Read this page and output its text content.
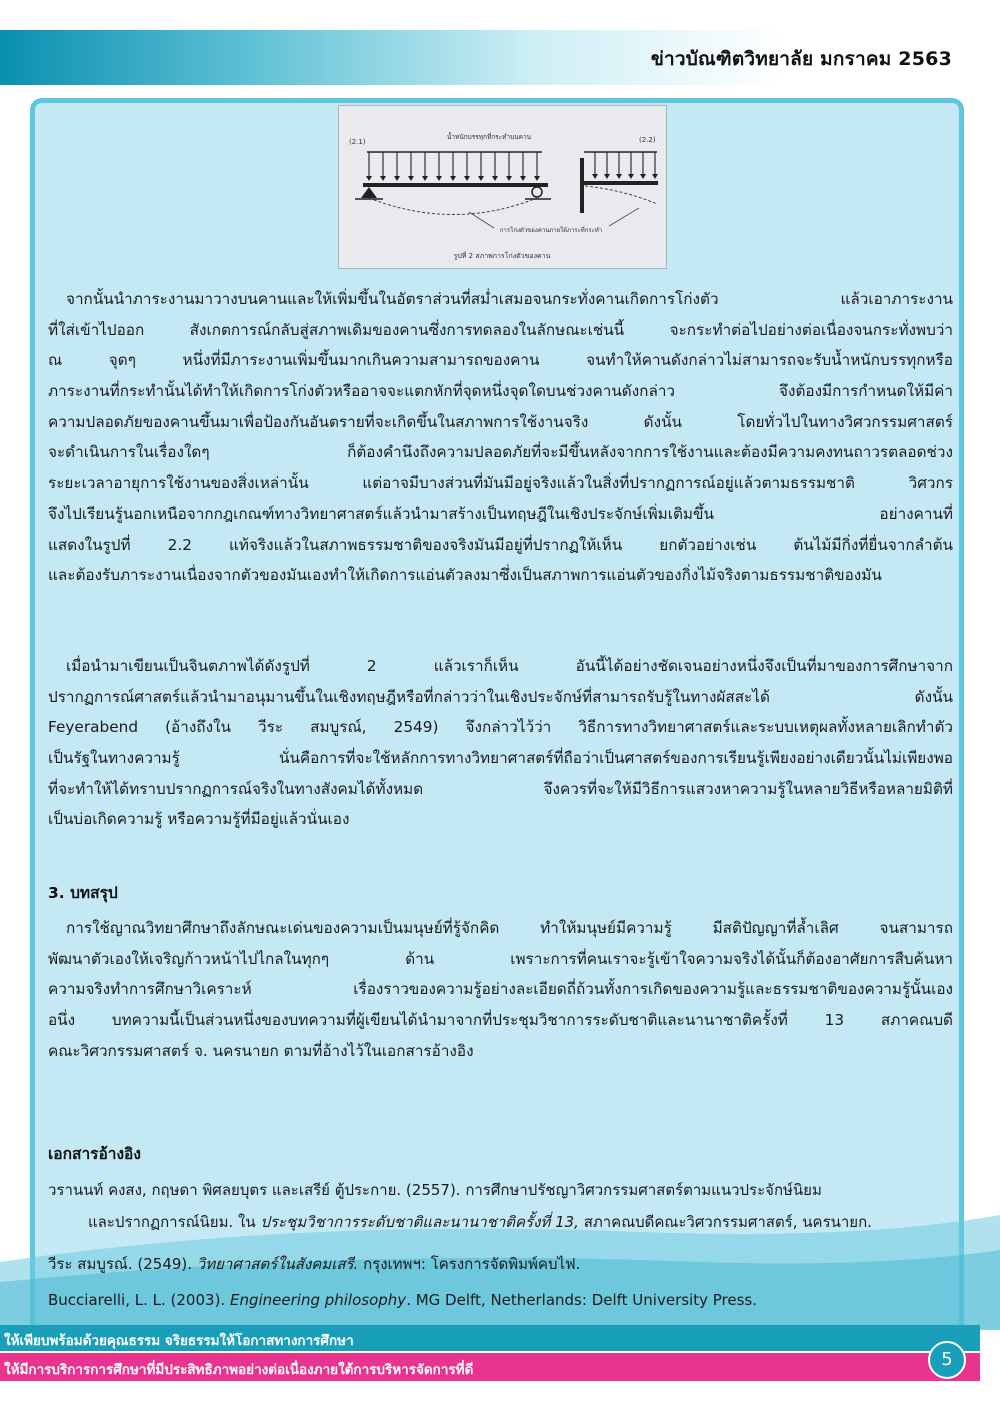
ข่าวบัณฑิตวิทยาลัย มกราคม 2563
(2.1)	(2.2)
น้ำหนักบรรทุกที่กระทำบนคาน
การโก่งตัวของคานภายใต้ภาระที่กระทำ
รูปที่ 2 สภาพการโก่งตัวของคาน
จากนั้นนำภาระงานมาวางบนคานและให้เพิ่มขึ้นในอัตราส่วนที่สม่ำเสมอจนกระทั่งคานเกิดการโก่งตัว แล้วเอาภาระงาน
ที่ใส่เข้าไปออก สังเกตการณ์กลับสู่สภาพเดิมของคานซึ่งการทดลองในลักษณะเช่นนี้ จะกระทำต่อไปอย่างต่อเนื่องจนกระทั่งพบว่า
ณ จุดๆ หนึ่งที่มีภาระงานเพิ่มขึ้นมากเกินความสามารถของคาน จนทำให้คานดังกล่าวไม่สามารถจะรับน้ำหนักบรรทุกหรือ
ภาระงานที่กระทำนั้นได้ทำให้เกิดการโก่งตัวหรืออาจจะแตกหักที่จุดหนึ่งจุดใดบนช่วงคานดังกล่าว จึงต้องมีการกำหนดให้มีค่า
ความปลอดภัยของคานขึ้นมาเพื่อป้องกันอันตรายที่จะเกิดขึ้นในสภาพการใช้งานจริง ดังนั้น โดยทั่วไปในทางวิศวกรรมศาสตร์
จะดำเนินการในเรื่องใดๆ ก็ต้องคำนึงถึงความปลอดภัยที่จะมีขึ้นหลังจากการใช้งานและต้องมีความคงทนถาวรตลอดช่วง
ระยะเวลาอายุการใช้งานของสิ่งเหล่านั้น แต่อาจมีบางส่วนที่มันมีอยู่จริงแล้วในสิ่งที่ปรากฏการณ์อยู่แล้วตามธรรมชาติ วิศวกร
จึงไปเรียนรู้นอกเหนือจากกฎเกณฑ์ทางวิทยาศาสตร์แล้วนำมาสร้างเป็นทฤษฎีในเชิงประจักษ์เพิ่มเติมขึ้น อย่างคานที่
แสดงในรูปที่ 2.2 แท้จริงแล้วในสภาพธรรมชาติของจริงมันมีอยู่ที่ปรากฏให้เห็น ยกตัวอย่างเช่น ต้นไม้มีกิ่งที่ยื่นจากลำต้น
และต้องรับภาระงานเนื่องจากตัวของมันเองทำให้เกิดการแอ่นตัวลงมาซึ่งเป็นสภาพการแอ่นตัวของกิ่งไม้จริงตามธรรมชาติของมัน
เมื่อนำมาเขียนเป็นจินตภาพได้ดังรูปที่ 2 แล้วเราก็เห็น อันนี้ได้อย่างชัดเจนอย่างหนึ่งจึงเป็นที่มาของการศึกษาจาก
ปรากฏการณ์ศาสตร์แล้วนำมาอนุมานขึ้นในเชิงทฤษฎีหรือที่กล่าวว่าในเชิงประจักษ์ที่สามารถรับรู้ในทางผัสสะได้ ดังนั้น
Feyerabend (อ้างถึงใน วีระ สมบูรณ์, 2549) จึงกล่าวไว้ว่า วิธีการทางวิทยาศาสตร์และระบบเหตุผลทั้งหลายเลิกทำตัว
เป็นรัฐในทางความรู้ นั่นคือการที่จะใช้หลักการทางวิทยาศาสตร์ที่ถือว่าเป็นศาสตร์ของการเรียนรู้เพียงอย่างเดียวนั้นไม่เพียงพอ
ที่จะทำให้ได้ทราบปรากฏการณ์จริงในทางสังคมได้ทั้งหมด จึงควรที่จะให้มีวิธีการแสวงหาความรู้ในหลายวิธีหรือหลายมิติที่
เป็นบ่อเกิดความรู้ หรือความรู้ที่มีอยู่แล้วนั่นเอง
3. บทสรุป
การใช้ญาณวิทยาศึกษาถึงลักษณะเด่นของความเป็นมนุษย์ที่รู้จักคิด ทำให้มนุษย์มีความรู้ มีสติปัญญาที่ล้ำเลิศ จนสามารถ
พัฒนาตัวเองให้เจริญก้าวหน้าไปไกลในทุกๆ ด้าน เพราะการที่คนเราจะรู้เข้าใจความจริงได้นั้นก็ต้องอาศัยการสืบค้นหา
ความจริงทำการศึกษาวิเคราะห์ เรื่องราวของความรู้อย่างละเอียดถี่ถ้วนทั้งการเกิดของความรู้และธรรมชาติของความรู้นั้นเอง
อนึ่ง บทความนี้เป็นส่วนหนึ่งของบทความที่ผู้เขียนได้นำมาจากที่ประชุมวิชาการระดับชาติและนานาชาติครั้งที่ 13 สภาคณบดี
คณะวิศวกรรมศาสตร์ จ. นครนายก ตามที่อ้างไว้ในเอกสารอ้างอิง
เอกสารอ้างอิง
วรานนท์ คงสง, กฤษดา พิศลยบุตร และเสรีย์ ตู้ประกาย. (2557). การศึกษาปรัชญาวิศวกรรมศาสตร์ตามแนวประจักษ์นิยม
และปรากฏการณ์นิยม. ใน ประชุมวิชาการระดับชาติและนานาชาติครั้งที่ 13, สภาคณบดีคณะวิศวกรรมศาสตร์, นครนายก.
วีระ สมบูรณ์. (2549). วิทยาศาสตร์ในสังคมเสรี. กรุงเทพฯ: โครงการจัดพิมพ์คบไฟ.
Bucciarelli, L. L. (2003). Engineering philosophy. MG Delft, Netherlands: Delft University Press.
ให้เพียบพร้อมด้วยคุณธรรม จริยธรรมให้โอกาสทางการศึกษา
ให้มีการบริการการศึกษาที่มีประสิทธิภาพอย่างต่อเนื่องภายใต้การบริหารจัดการที่ดี	5
